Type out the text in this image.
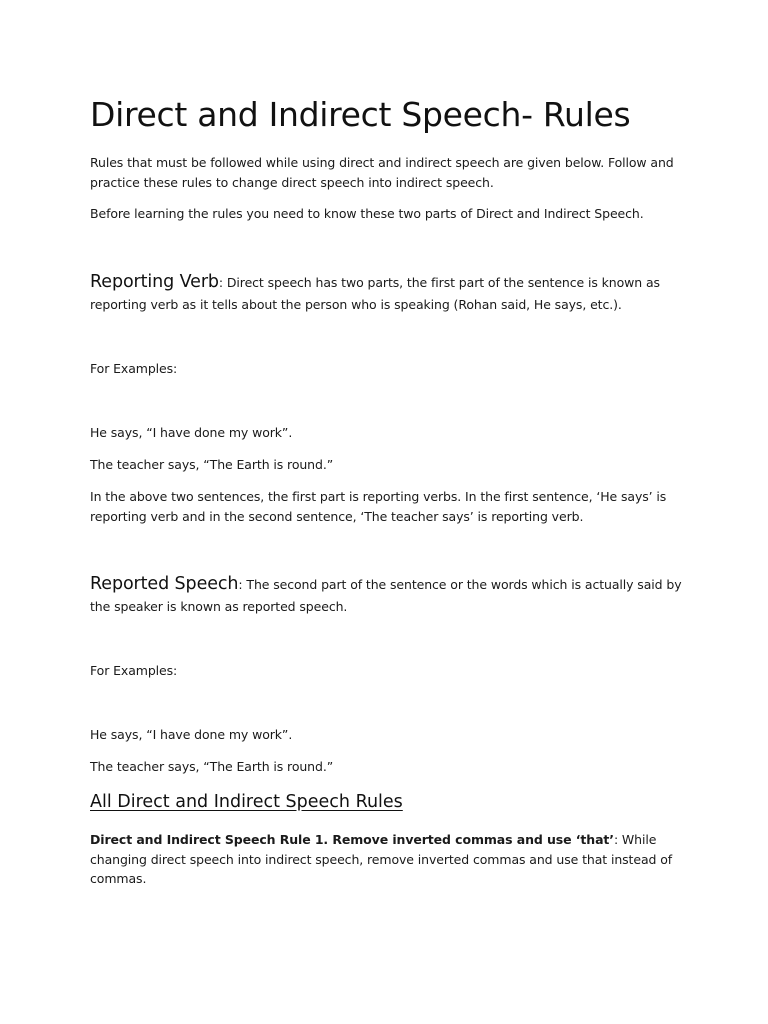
Direct and Indirect Speech- Rules

Rules that must be followed while using direct and indirect speech are given below. Follow and practice these rules to change direct speech into indirect speech.

Before learning the rules you need to know these two parts of Direct and Indirect Speech.

Reporting Verb: Direct speech has two parts, the first part of the sentence is known as reporting verb as it tells about the person who is speaking (Rohan said, He says, etc.).

For Examples:

He says, “I have done my work”.

The teacher says, “The Earth is round.”

In the above two sentences, the first part is reporting verbs. In the first sentence, ‘He says’ is reporting verb and in the second sentence, ‘The teacher says’ is reporting verb.

Reported Speech: The second part of the sentence or the words which is actually said by the speaker is known as reported speech.

For Examples:

He says, “I have done my work”.

The teacher says, “The Earth is round.”

All Direct and Indirect Speech Rules

Direct and Indirect Speech Rule 1. Remove inverted commas and use ‘that’: While changing direct speech into indirect speech, remove inverted commas and use that instead of commas.
